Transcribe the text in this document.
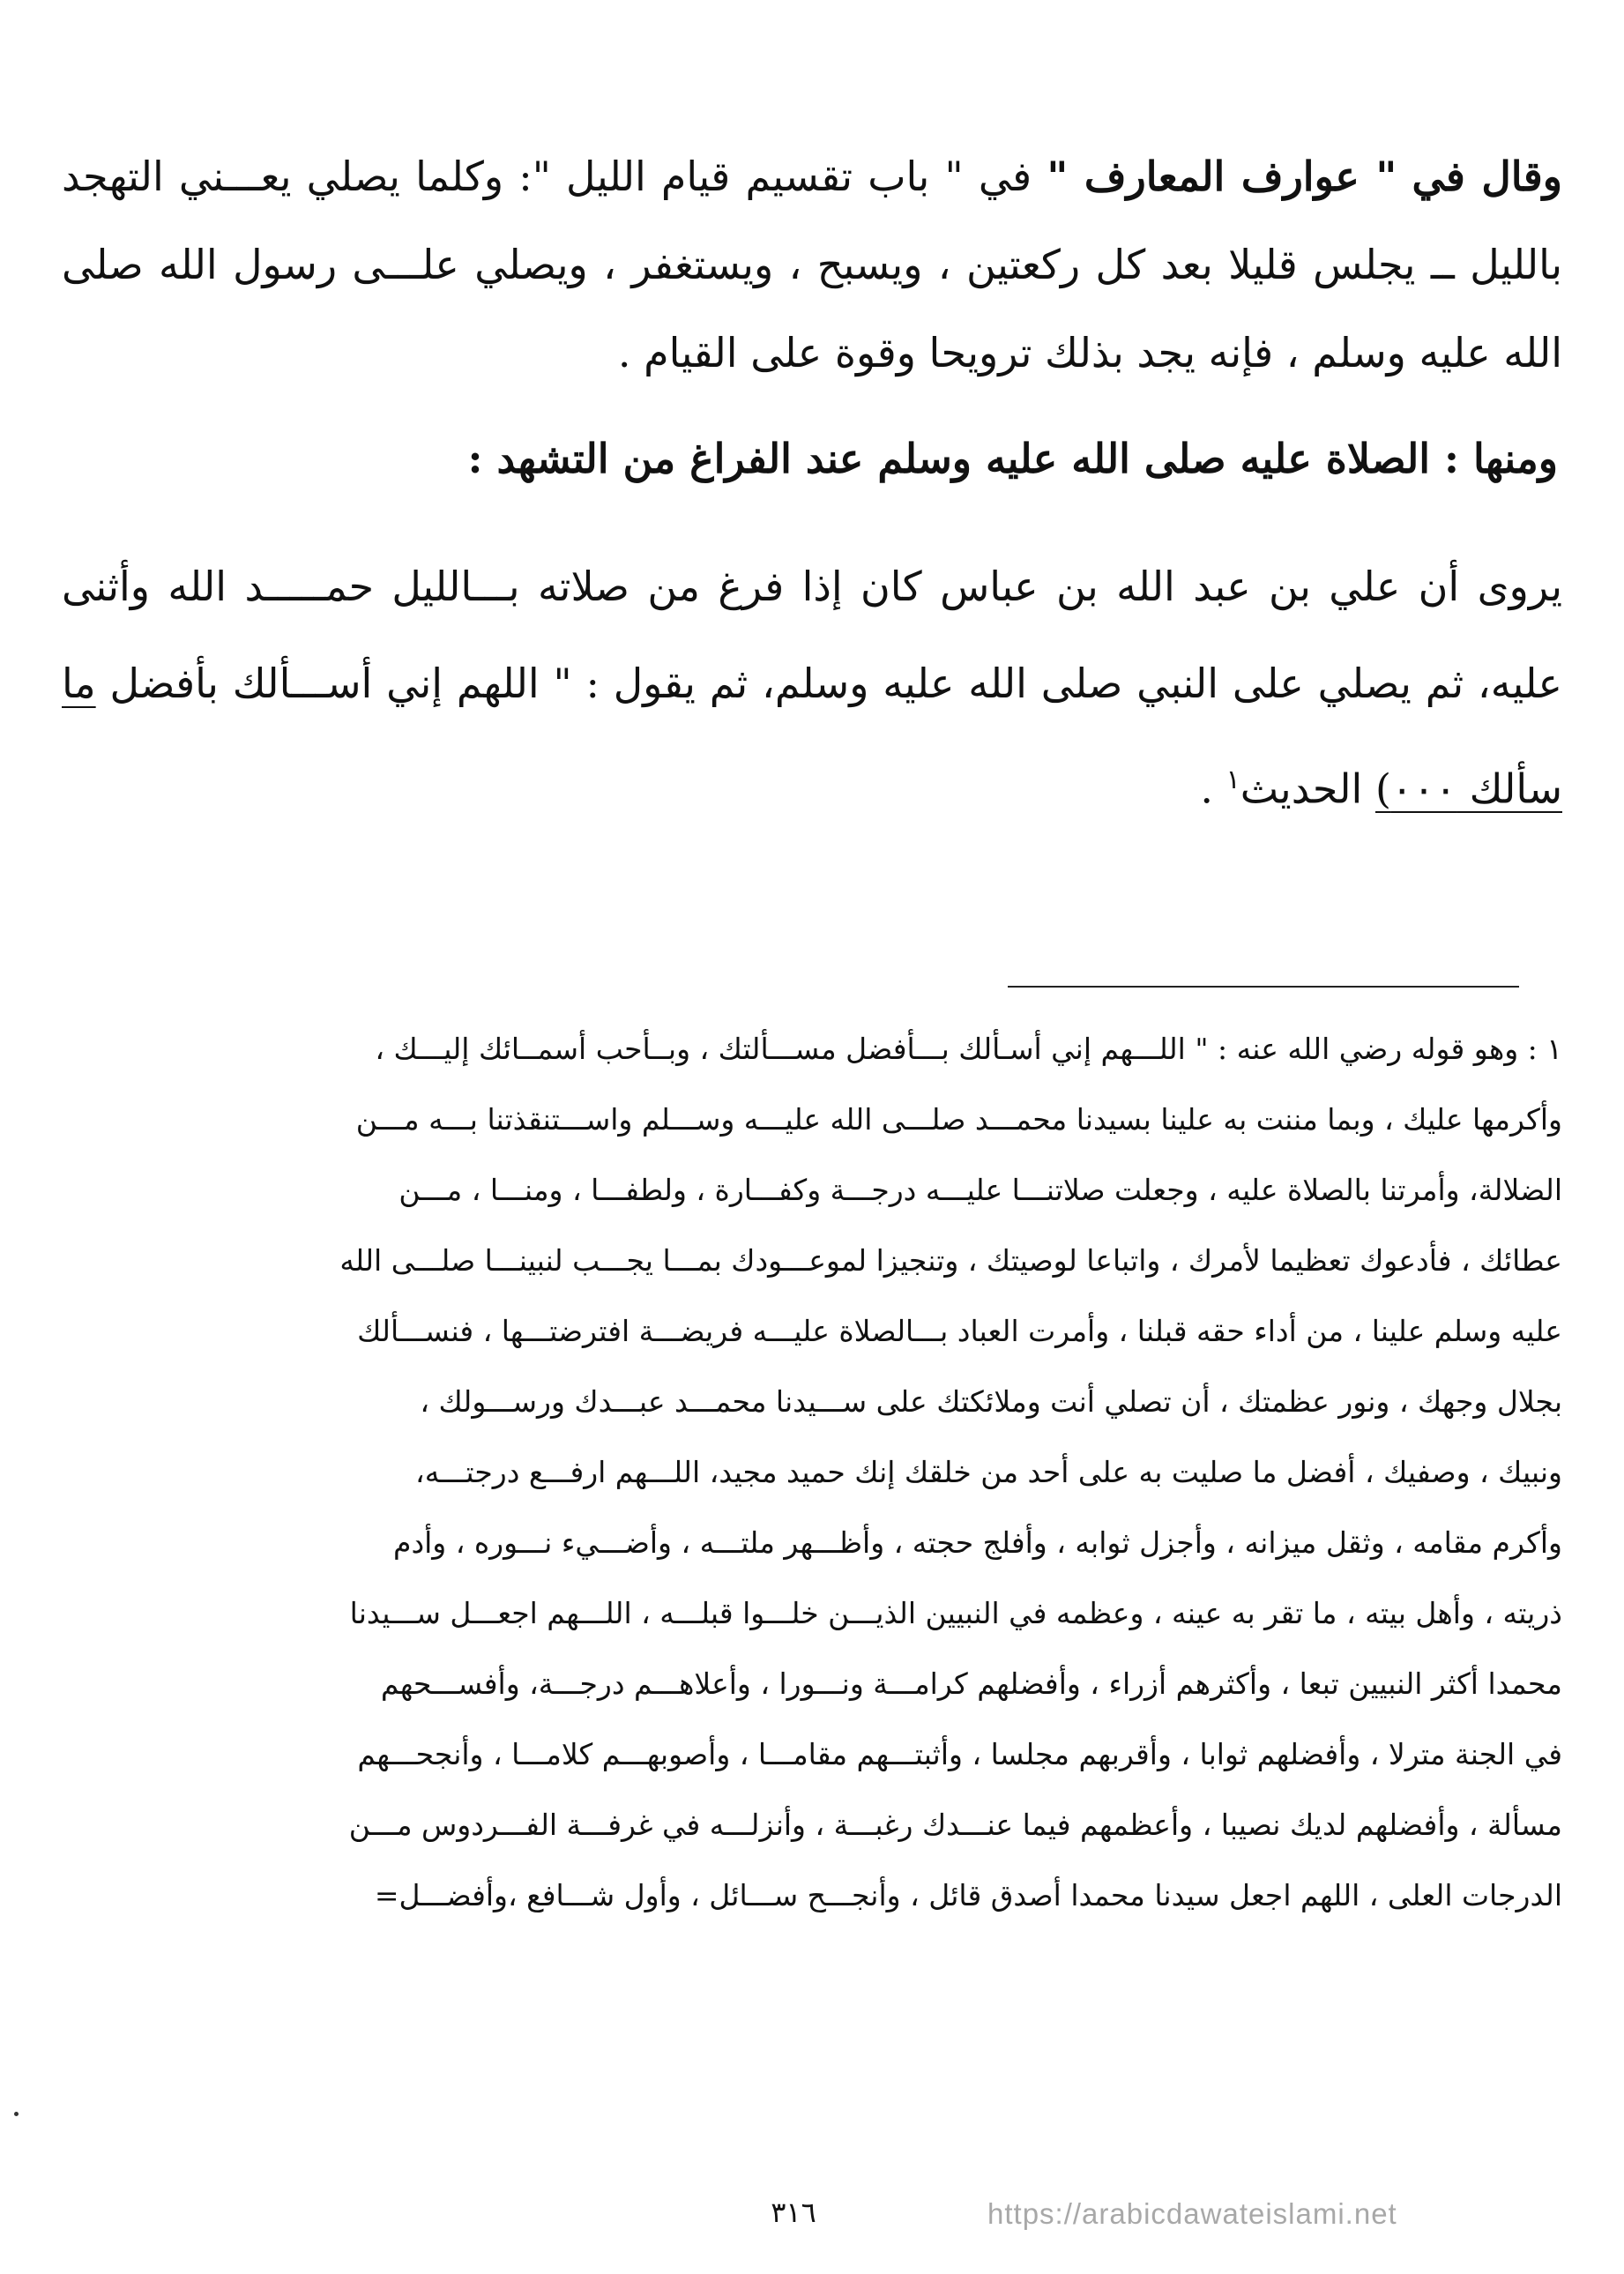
وقال في " عوارف المعارف " في " باب تقسيم قيام الليل ": وكلما يصلي يعـــني التهجد بالليل ــ يجلس قليلا بعد كل ركعتين ، ويسبح ، ويستغفر ، ويصلي علـــى رسول الله صلى الله عليه وسلم ، فإنه يجد بذلك ترويحا وقوة على القيام .

ومنها : الصلاة عليه صلى الله عليه وسلم عند الفراغ من التشهد :

يروى أن علي بن عبد الله بن عباس كان إذا فرغ من صلاته بـــالليل حمـــــد الله وأثنى عليه، ثم يصلي على النبي صلى الله عليه وسلم، ثم يقول : " اللهم إني أســـألك بأفضل ما سألك ٠٠٠) الحديث$^١$ .

١ : وهو قوله رضي الله عنه : " اللـــهم إني أسـألك بـــأفضل مســـألتك ، وبــأحب أسمــائك إليـــك ،

وأكرمها عليك ، وبما مننت به علينا بسيدنا محمـــد صلـــى الله عليـــه وســـلم واســـتنقذتنا بـــه مـــن

الضلالة، وأمرتنا بالصلاة عليه ، وجعلت صلاتنـــا عليـــه درجـــة وكفـــارة ، ولطفـــا ، ومنـــا ، مـــن

عطائك ، فأدعوك تعظيما لأمرك ، واتباعا لوصيتك ، وتنجيزا لموعـــودك بمـــا يجـــب لنبينـــا صلـــى الله

عليه وسلم علينا ، من أداء حقه قبلنا ، وأمرت العباد بـــالصلاة عليـــه فريضـــة افترضتـــها ، فنســـألك

بجلال وجهك ، ونور عظمتك ، أن تصلي أنت وملائكتك على ســـيدنا محمـــد عبـــدك ورســـولك ،

ونبيك ، وصفيك ، أفضل ما صليت به على أحد من خلقك إنك حميد مجيد، اللـــهم ارفـــع درجتـــه،

وأكرم مقامه ، وثقل ميزانه ، وأجزل ثوابه ، وأفلج حجته ، وأظـــهر ملتـــه ، وأضـــيء نـــوره ، وأدم

ذريته ، وأهل بيته ، ما تقر به عينه ، وعظمه في النبيين الذيـــن خلـــوا قبلـــه ، اللـــهم اجعـــل ســـيدنا

محمدا أكثر النبيين تبعا ، وأكثرهم أزراء ، وأفضلهم كرامـــة ونـــورا ، وأعلاهـــم درجـــة، وأفســـحهم

في الجنة مترلا ، وأفضلهم ثوابا ، وأقربهم مجلسا ، وأثبتـــهم مقامـــا ، وأصوبهـــم كلامـــا ، وأنجحـــهم

مسألة ، وأفضلهم لديك نصيبا ، وأعظمهم فيما عنـــدك رغبـــة ، وأنزلـــه في غرفـــة الفـــردوس مـــن

الدرجات العلى ، اللهم اجعل سيدنا محمدا أصدق قائل ، وأنجـــح ســـائل ، وأول شـــافع ،وأفضـــل=

٣١٦	https://arabicdawateislami.net
